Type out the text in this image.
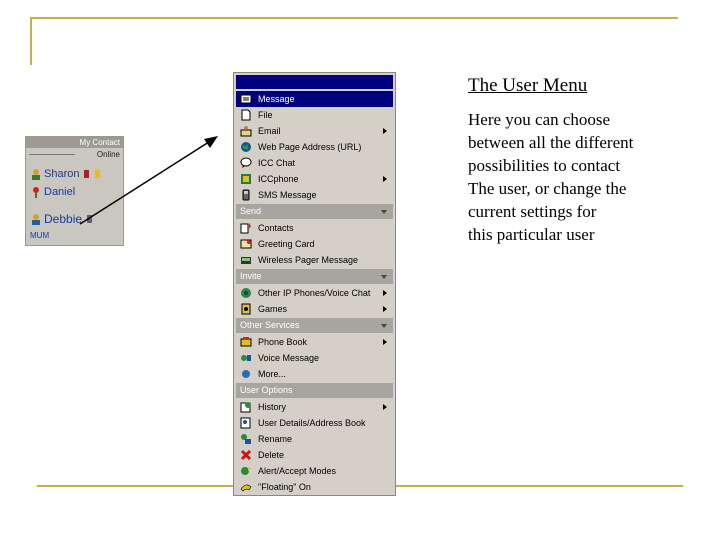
My Contact
Online
Sharon
Daniel
Debbie
MUM
Message
File
Email
Web Page Address (URL)
ICC Chat
ICCphone
SMS Message
Send
Contacts
Greeting Card
Wireless Pager Message
Invite
Other IP Phones/Voice Chat
Games
Other Services
Phone Book
Voice Message
More...
User Options
History
User Details/Address Book
Rename
Delete
Alert/Accept Modes
"Floating" On
The User Menu
Here you can choose
between all the different
possibilities to contact
The user, or change the
current settings for
this particular user
